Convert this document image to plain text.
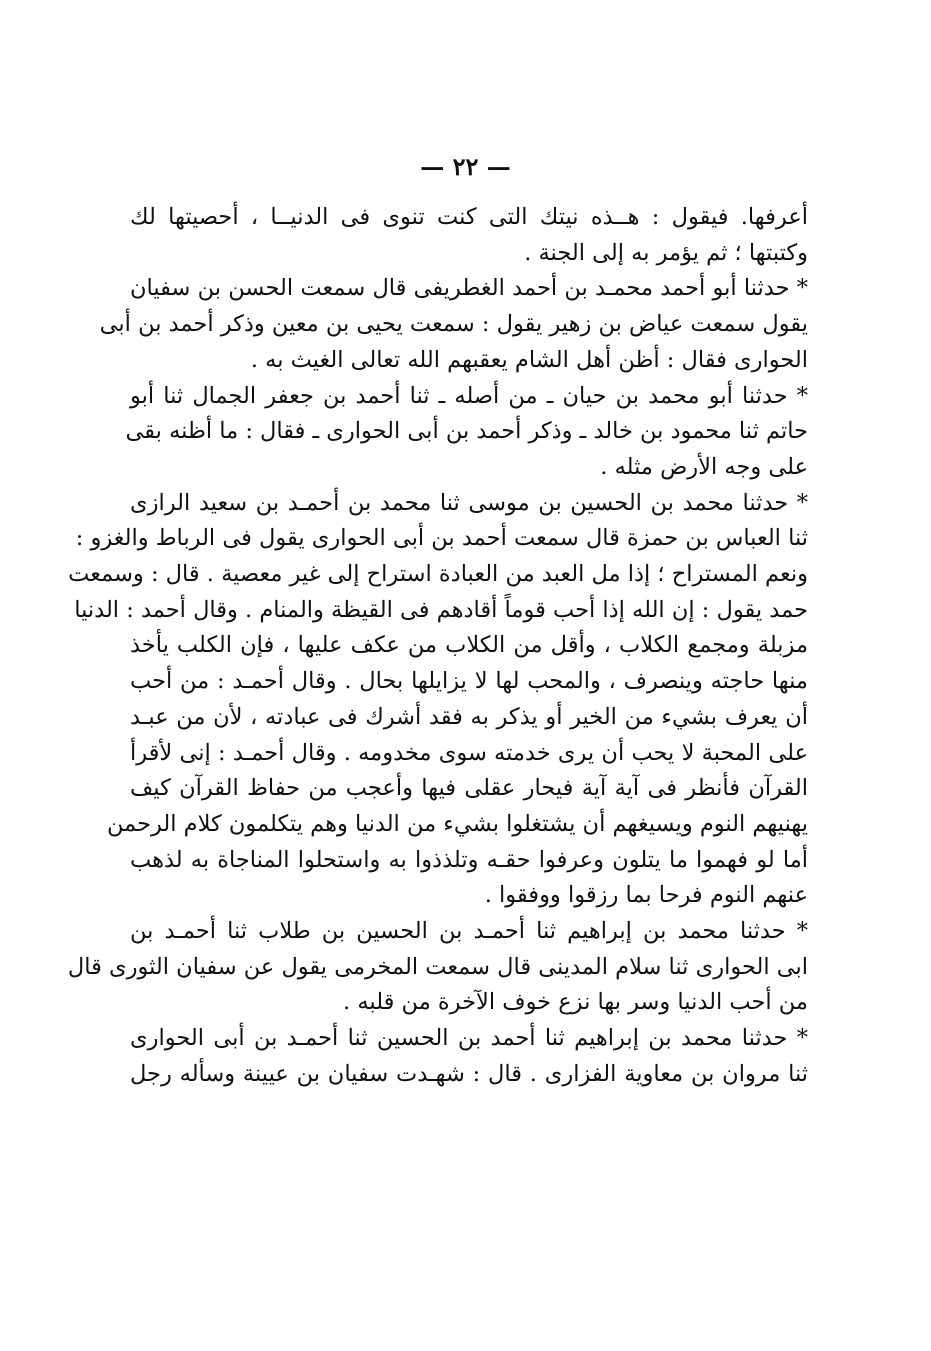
— ٢٢ —
أعرفها. فيقول : هــذه نيتك التى كنت تنوى فى الدنيــا ، أحصيتها لك
وكتبتها ؛ ثم يؤمر به إلى الجنة .
* حدثنا أبو أحمد محمـد بن أحمد الغطريفى قال سمعت الحسن بن سفيان
يقول سمعت عياض بن زهير يقول : سمعت يحيى بن معين وذكر أحمد بن أبى
الحوارى فقال : أظن أهل الشام يعقبهم الله تعالى الغيث به .
* حدثنا أبو محمد بن حيان ـ من أصله ـ ثنا أحمد بن جعفر الجمال ثنا أبو
حاتم ثنا محمود بن خالد ـ وذكر أحمد بن أبى الحوارى ـ فقال : ما أظنه بقى
على وجه الأرض مثله .
* حدثنا محمد بن الحسين بن موسى ثنا محمد بن أحمـد بن سعيد الرازى
ثنا العباس بن حمزة قال سمعت أحمد بن أبى الحوارى يقول فى الرباط والغزو :
ونعم المستراح ؛ إذا مل العبد من العبادة استراح إلى غير معصية . قال : وسمعت
حمد يقول : إن الله إذا أحب قوماً أقادهم فى القيظة والمنام . وقال أحمد : الدنيا
مزبلة ومجمع الكلاب ، وأقل من الكلاب من عكف عليها ، فإن الكلب يأخذ
منها حاجته وينصرف ، والمحب لها لا يزايلها بحال . وقال أحمـد : من أحب
أن يعرف بشيء من الخير أو يذكر به فقد أشرك فى عبادته ، لأن من عبـد
على المحبة لا يحب أن يرى خدمته سوى مخدومه . وقال أحمـد : إنى لأقرأ
القرآن فأنظر فى آية آية فيحار عقلى فيها وأعجب من حفاظ القرآن كيف
يهنيهم النوم ويسيغهم أن يشتغلوا بشيء من الدنيا وهم يتكلمون كلام الرحمن
أما لو فهموا ما يتلون وعرفوا حقـه وتلذذوا به واستحلوا المناجاة به لذهب
عنهم النوم فرحا بما رزقوا ووفقوا .
* حدثنا محمد بن إبراهيم ثنا أحمـد بن الحسين بن طلاب ثنا أحمـد بن
ابى الحوارى ثنا سلام المدينى قال سمعت المخرمى يقول عن سفيان الثورى قال
من أحب الدنيا وسر بها نزع خوف الآخرة من قلبه .
* حدثنا محمد بن إبراهيم ثنا أحمد بن الحسين ثنا أحمـد بن أبى الحوارى
ثنا مروان بن معاوية الفزارى . قال : شهـدت سفيان بن عيينة وسأله رجل
